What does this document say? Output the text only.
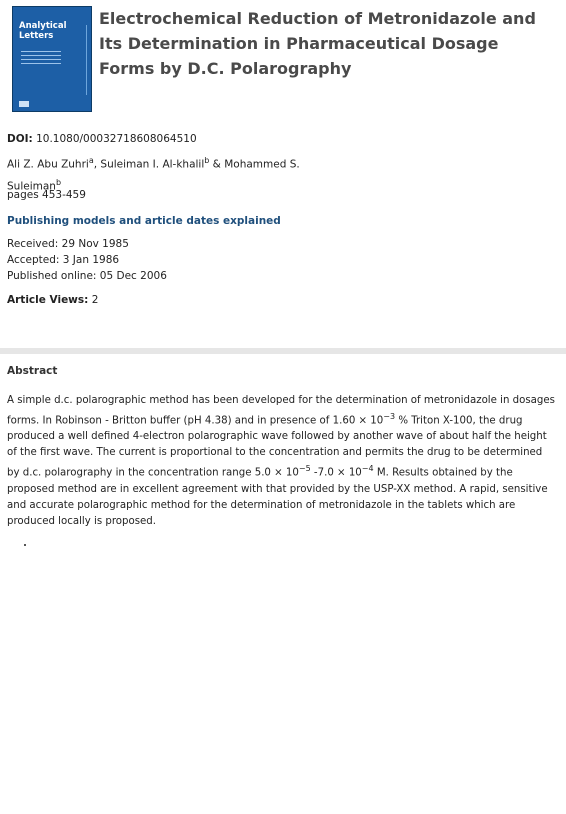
Analytical
Letters
Electrochemical Reduction of Metronidazole and Its Determination in Pharmaceutical Dosage Forms by D.C. Polarography
DOI: 10.1080/00032718608064510
Ali Z. Abu Zuhri$^a$, Suleiman I. Al-khalil$^b$ & Mohammed S. Suleiman$^b$
pages 453-459
Publishing models and article dates explained
Received: 29 Nov 1985
Accepted: 3 Jan 1986
Published online: 05 Dec 2006
Article Views: 2
Abstract
A simple d.c. polarographic method has been developed for the determination of metronidazole in dosages forms. In Robinson - Britton buffer (pH 4.38) and in presence of $1.60 \times 10^{-3}$ % Triton X-100, the drug produced a well defined 4-electron polarographic wave followed by another wave of about half the height of the first wave. The current is proportional to the concentration and permits the drug to be determined by d.c. polarography in the concentration range $5.0 \times 10^{-5}$ $-7.0 \times 10^{-4}$ M. Results obtained by the proposed method are in excellent agreement with that provided by the USP-XX method. A rapid, sensitive and accurate polarographic method for the determination of metronidazole in the tablets which are produced locally is proposed.
